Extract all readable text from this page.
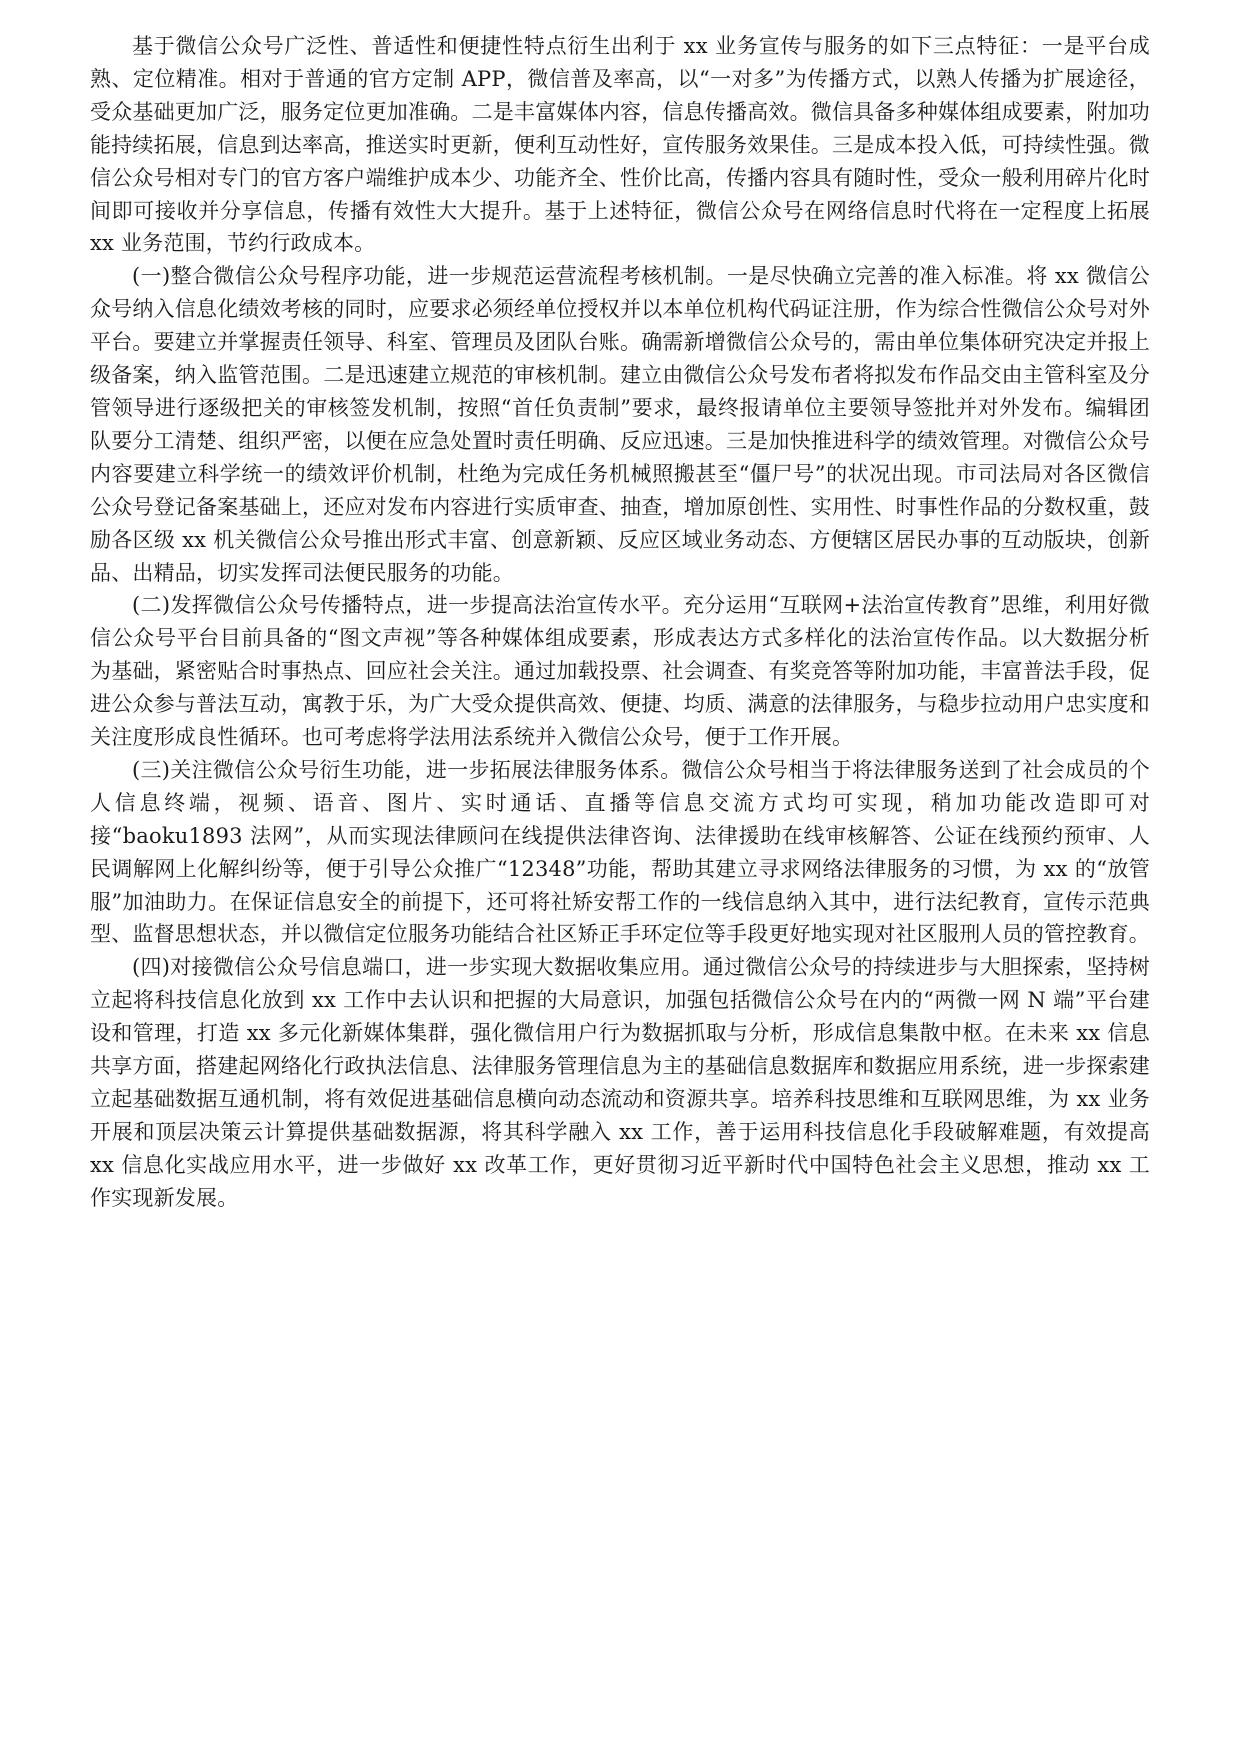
基于微信公众号广泛性、普适性和便捷性特点衍生出利于 xx 业务宣传与服务的如下三点特征：一是平台成熟、定位精准。相对于普通的官方定制 APP，微信普及率高，以“一对多”为传播方式，以熟人传播为扩展途径，受众基础更加广泛，服务定位更加准确。二是丰富媒体内容，信息传播高效。微信具备多种媒体组成要素，附加功能持续拓展，信息到达率高，推送实时更新，便利互动性好，宣传服务效果佳。三是成本投入低，可持续性强。微信公众号相对专门的官方客户端维护成本少、功能齐全、性价比高，传播内容具有随时性，受众一般利用碎片化时间即可接收并分享信息，传播有效性大大提升。基于上述特征，微信公众号在网络信息时代将在一定程度上拓展 xx 业务范围，节约行政成本。

(一)整合微信公众号程序功能，进一步规范运营流程考核机制。一是尽快确立完善的准入标准。将 xx 微信公众号纳入信息化绩效考核的同时，应要求必须经单位授权并以本单位机构代码证注册，作为综合性微信公众号对外平台。要建立并掌握责任领导、科室、管理员及团队台账。确需新增微信公众号的，需由单位集体研究决定并报上级备案，纳入监管范围。二是迅速建立规范的审核机制。建立由微信公众号发布者将拟发布作品交由主管科室及分管领导进行逐级把关的审核签发机制，按照“首任负责制”要求，最终报请单位主要领导签批并对外发布。编辑团队要分工清楚、组织严密，以便在应急处置时责任明确、反应迅速。三是加快推进科学的绩效管理。对微信公众号内容要建立科学统一的绩效评价机制，杜绝为完成任务机械照搬甚至“僵尸号”的状况出现。市司法局对各区微信公众号登记备案基础上，还应对发布内容进行实质审查、抽查，增加原创性、实用性、时事性作品的分数权重，鼓励各区级 xx 机关微信公众号推出形式丰富、创意新颖、反应区域业务动态、方便辖区居民办事的互动版块，创新品、出精品，切实发挥司法便民服务的功能。

(二)发挥微信公众号传播特点，进一步提高法治宣传水平。充分运用“互联网+法治宣传教育”思维，利用好微信公众号平台目前具备的“图文声视”等各种媒体组成要素，形成表达方式多样化的法治宣传作品。以大数据分析为基础，紧密贴合时事热点、回应社会关注。通过加载投票、社会调查、有奖竞答等附加功能，丰富普法手段，促进公众参与普法互动，寓教于乐，为广大受众提供高效、便捷、均质、满意的法律服务，与稳步拉动用户忠实度和关注度形成良性循环。也可考虑将学法用法系统并入微信公众号，便于工作开展。

(三)关注微信公众号衍生功能，进一步拓展法律服务体系。微信公众号相当于将法律服务送到了社会成员的个人信息终端，视频、语音、图片、实时通话、直播等信息交流方式均可实现，稍加功能改造即可对接“baoku1893 法网”，从而实现法律顾问在线提供法律咨询、法律援助在线审核解答、公证在线预约预审、人民调解网上化解纠纷等，便于引导公众推广“12348”功能，帮助其建立寻求网络法律服务的习惯，为 xx 的“放管服”加油助力。在保证信息安全的前提下，还可将社矫安帮工作的一线信息纳入其中，进行法纪教育，宣传示范典型、监督思想状态，并以微信定位服务功能结合社区矫正手环定位等手段更好地实现对社区服刑人员的管控教育。

(四)对接微信公众号信息端口，进一步实现大数据收集应用。通过微信公众号的持续进步与大胆探索，坚持树立起将科技信息化放到 xx 工作中去认识和把握的大局意识，加强包括微信公众号在内的“两微一网 N 端”平台建设和管理，打造 xx 多元化新媒体集群，强化微信用户行为数据抓取与分析，形成信息集散中枢。在未来 xx 信息共享方面，搭建起网络化行政执法信息、法律服务管理信息为主的基础信息数据库和数据应用系统，进一步探索建立起基础数据互通机制，将有效促进基础信息横向动态流动和资源共享。培养科技思维和互联网思维，为 xx 业务开展和顶层决策云计算提供基础数据源，将其科学融入 xx 工作，善于运用科技信息化手段破解难题，有效提高 xx 信息化实战应用水平，进一步做好 xx 改革工作，更好贯彻习近平新时代中国特色社会主义思想，推动 xx 工作实现新发展。
